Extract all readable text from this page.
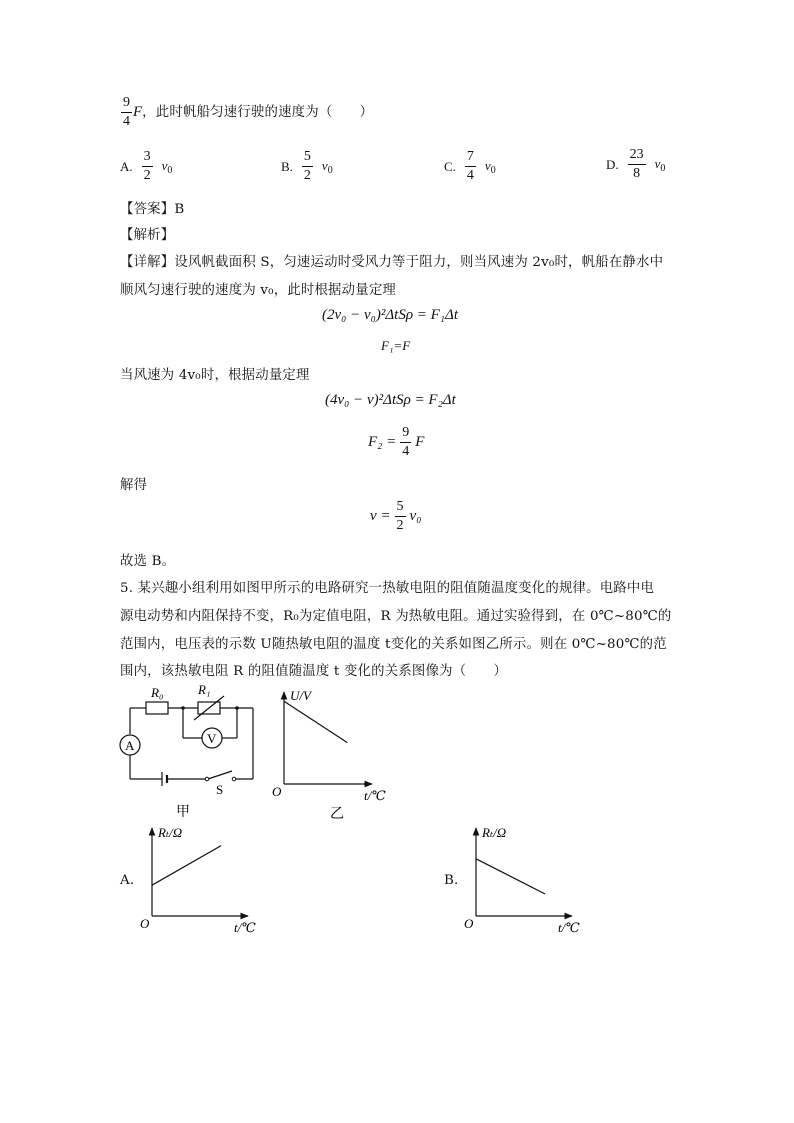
$\frac{9}{4}$ F，此时帆船匀速行驶的速度为（　　）
A. $\frac{3}{2} v_0$	B. $\frac{5}{2} v_0$	C. $\frac{7}{4} v_0$	D. $\frac{23}{8} v_0$
【答案】B
【解析】
【详解】设风帆截面积 S，匀速运动时受风力等于阻力，则当风速为 2v₀时，帆船在静水中
顺风匀速行驶的速度为 v₀，此时根据动量定理
(2v₀ − v₀)²ΔtSρ = F₁Δt
F₁=F
当风速为 4v₀时，根据动量定理
(4v₀ − v)²ΔtSρ = F₂Δt
$F_2 = \frac{9}{4}$ F
解得
$v = \frac{5}{2} v_0$
故选 B。
5. 某兴趣小组利用如图甲所示的电路研究一热敏电阻的阻值随温度变化的规律。电路中电
源电动势和内阻保持不变，R₀为定值电阻，R 为热敏电阻。通过实验得到，在 0℃~80℃的
范围内，电压表的示数 U随热敏电阻的温度 t变化的关系如图乙所示。则在 0℃~80℃的范
围内，该热敏电阻 R 的阻值随温度 t 变化的关系图像为（　　）
R₀	R₁
A	V
S
甲
U/V
t/℃
O
乙
A.
Rₜ/Ω
t/℃
O
B.
Rₜ/Ω
t/℃
O
